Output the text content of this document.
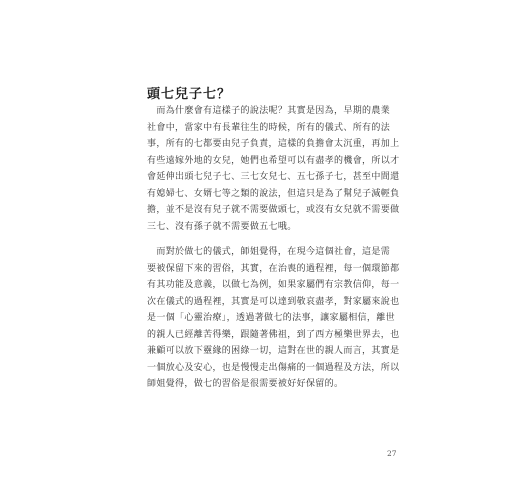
頭七兒子七？
　而為什麼會有這樣子的說法呢？其實是因為，早期的農業
社會中，當家中有長輩往生的時候，所有的儀式、所有的法
事，所有的七都要由兒子負責，這樣的負擔會太沉重，再加上
有些遠嫁外地的女兒，她們也希望可以有盡孝的機會，所以才
會延伸出頭七兒子七、三七女兒七、五七孫子七，甚至中間還
有媳婦七、女婿七等之類的說法，但這只是為了幫兒子減輕負
擔，並不是沒有兒子就不需要做頭七，或沒有女兒就不需要做
三七、沒有孫子就不需要做五七哦。
　而對於做七的儀式，師姐覺得，在現今這個社會，這是需
要被保留下來的習俗，其實，在治喪的過程裡，每一個環節都
有其功能及意義，以做七為例，如果家屬們有宗教信仰，每一
次在儀式的過程裡，其實是可以達到敬哀盡孝，對家屬來說也
是一個「心靈治療」，透過著做七的法事，讓家屬相信，離世
的親人已經離苦得樂，跟隨著佛祖，到了西方極樂世界去，也
兼顧可以放下靈緣的困綠一切，這對在世的親人而言，其實是
一個放心及安心，也是慢慢走出傷痛的一個過程及方法，所以
師姐覺得，做七的習俗是很需要被好好保留的。
27
